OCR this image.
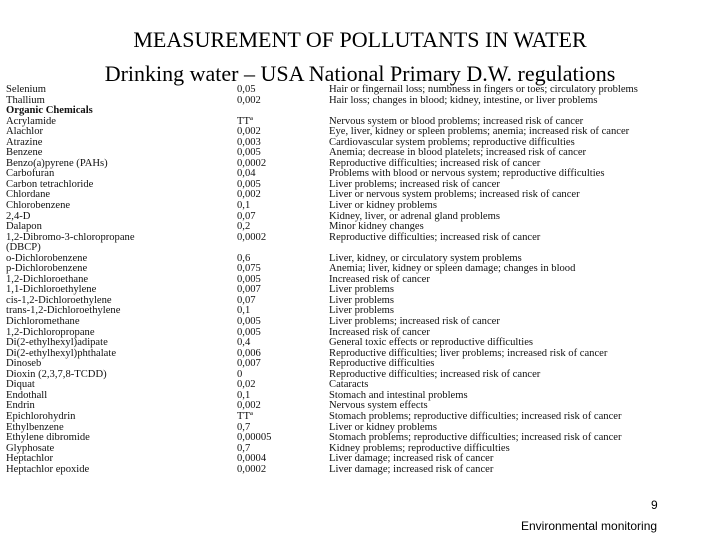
MEASUREMENT OF POLLUTANTS IN WATER
Drinking water – USA National Primary D.W. regulations
Selenium	0,05	Hair or fingernail loss; numbness in fingers or toes; circulatory problems
Thallium	0,002	Hair loss; changes in blood; kidney, intestine, or liver problems
Organic Chemicals
Acrylamide	TTª	Nervous system or blood problems; increased risk of cancer
Alachlor	0,002	Eye, liver, kidney or spleen problems; anemia; increased risk of cancer
Atrazine	0,003	Cardiovascular system problems; reproductive difficulties
Benzene	0,005	Anemia; decrease in blood platelets; increased risk of cancer
Benzo(a)pyrene (PAHs)	0,0002	Reproductive difficulties; increased risk of cancer
Carbofuran	0,04	Problems with blood or nervous system; reproductive difficulties
Carbon tetrachloride	0,005	Liver problems; increased risk of cancer
Chlordane	0,002	Liver or nervous system problems; increased risk of cancer
Chlorobenzene	0,1	Liver or kidney problems
2,4-D	0,07	Kidney, liver, or adrenal gland problems
Dalapon	0,2	Minor kidney changes
1,2-Dibromo-3-chloropropane	0,0002	Reproductive difficulties; increased risk of cancer
(DBCP)
o-Dichlorobenzene	0,6	Liver, kidney, or circulatory system problems
p-Dichlorobenzene	0,075	Anemia; liver, kidney or spleen damage; changes in blood
1,2-Dichloroethane	0,005	Increased risk of cancer
1,1-Dichloroethylene	0,007	Liver problems
cis-1,2-Dichloroethylene	0,07	Liver problems
trans-1,2-Dichloroethylene	0,1	Liver problems
Dichloromethane	0,005	Liver problems; increased risk of cancer
1,2-Dichloropropane	0,005	Increased risk of cancer
Di(2-ethylhexyl)adipate	0,4	General toxic effects or reproductive difficulties
Di(2-ethylhexyl)phthalate	0,006	Reproductive difficulties; liver problems; increased risk of cancer
Dinoseb	0,007	Reproductive difficulties
Dioxin (2,3,7,8-TCDD)	0	Reproductive difficulties; increased risk of cancer
Diquat	0,02	Cataracts
Endothall	0,1	Stomach and intestinal problems
Endrin	0,002	Nervous system effects
Epichlorohydrin	TTª	Stomach problems; reproductive difficulties; increased risk of cancer
Ethylbenzene	0,7	Liver or kidney problems
Ethylene dibromide	0,00005	Stomach problems; reproductive difficulties; increased risk of cancer
Glyphosate	0,7	Kidney problems; reproductive difficulties
Heptachlor	0,0004	Liver damage; increased risk of cancer
Heptachlor epoxide	0,0002	Liver damage; increased risk of cancer
9
Environmental monitoring
